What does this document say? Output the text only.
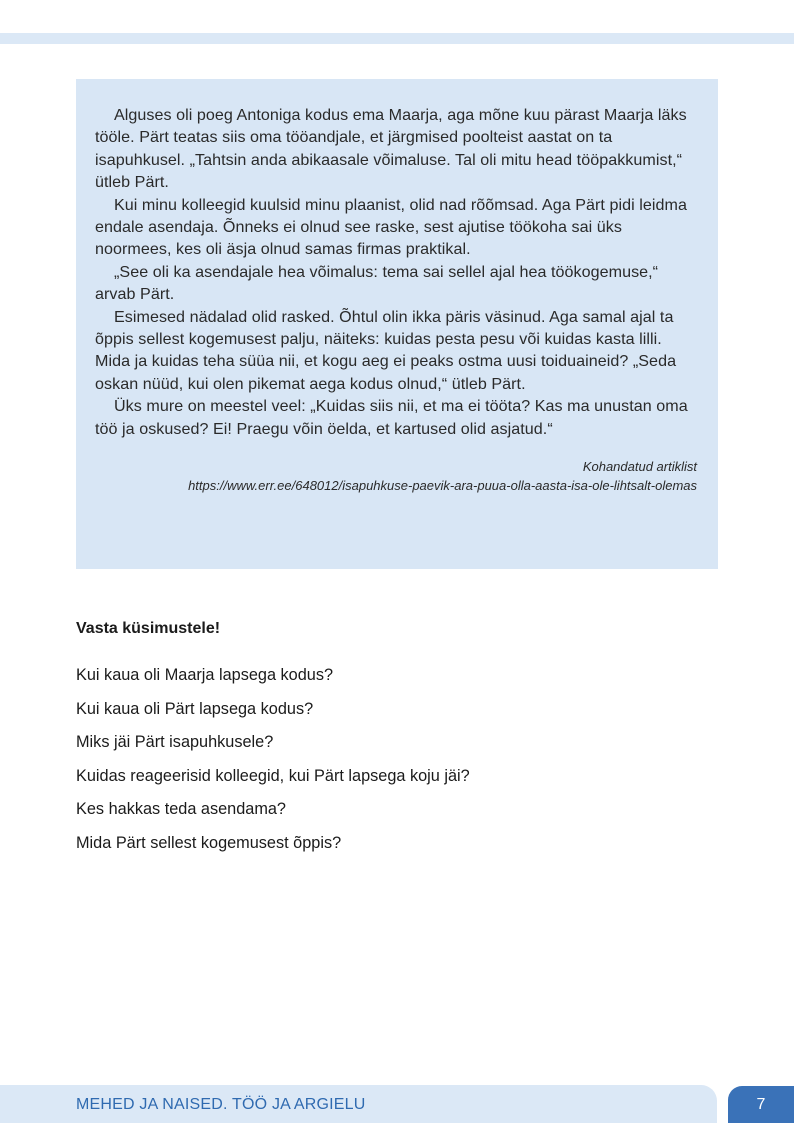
Alguses oli poeg Antoniga kodus ema Maarja, aga mõne kuu pärast Maarja läks tööle. Pärt teatas siis oma tööandjale, et järgmised poolteist aastat on ta isapuhkusel. „Tahtsin anda abikaasale võimaluse. Tal oli mitu head tööpakkumist,“ ütleb Pärt.

Kui minu kolleegid kuulsid minu plaanist, olid nad rõõmsad. Aga Pärt pidi leidma endale asendaja. Õnneks ei olnud see raske, sest ajutise töökoha sai üks noormees, kes oli äsja olnud samas firmas praktikal.

„See oli ka asendajale hea võimalus: tema sai sellel ajal hea töökogemuse,“ arvab Pärt.

Esimesed nädalad olid rasked. Õhtul olin ikka päris väsinud. Aga samal ajal ta õppis sellest kogemusest palju, näiteks: kuidas pesta pesu või kuidas kasta lilli. Mida ja kuidas teha süüa nii, et kogu aeg ei peaks ostma uusi toiduaineid? „Seda oskan nüüd, kui olen pikemat aega kodus olnud,“ ütleb Pärt.

Üks mure on meestel veel: „Kuidas siis nii, et ma ei tööta? Kas ma unustan oma töö ja oskused? Ei! Praegu võin öelda, et kartused olid asjatud.“

Kohandatud artiklist
https://www.err.ee/648012/isapuhkuse-paevik-ara-puua-olla-aasta-isa-ole-lihtsalt-olemas
Vasta küsimustele!
Kui kaua oli Maarja lapsega kodus?
Kui kaua oli Pärt lapsega kodus?
Miks jäi Pärt isapuhkusele?
Kuidas reageerisid kolleegid, kui Pärt lapsega koju jäi?
Kes hakkas teda asendama?
Mida Pärt sellest kogemusest õppis?
MEHED JA NAISED. TÖÖ JA ARGIELU	7
